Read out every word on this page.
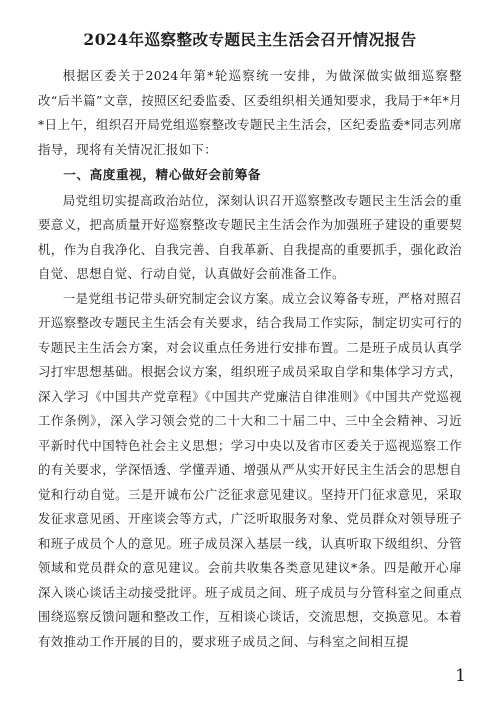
2024年巡察整改专题民主生活会召开情况报告

根据区委关于2024年第*轮巡察统一安排，为做深做实做细巡察整改“后半篇”文章，按照区纪委监委、区委组织相关通知要求，我局于*年*月*日上午，组织召开局党组巡察整改专题民主生活会，区纪委监委*同志列席指导，现将有关情况汇报如下：

一、高度重视，精心做好会前筹备

局党组切实提高政治站位，深刻认识召开巡察整改专题民主生活会的重要意义，把高质量开好巡察整改专题民主生活会作为加强班子建设的重要契机，作为自我净化、自我完善、自我革新、自我提高的重要抓手，强化政治自觉、思想自觉、行动自觉，认真做好会前准备工作。

一是党组书记带头研究制定会议方案。成立会议筹备专班，严格对照召开巡察整改专题民主生活会有关要求，结合我局工作实际，制定切实可行的专题民主生活会方案，对会议重点任务进行安排布置。二是班子成员认真学习打牢思想基础。根据会议方案，组织班子成员采取自学和集体学习方式，深入学习《中国共产党章程》《中国共产党廉洁自律准则》《中国共产党巡视工作条例》，深入学习领会党的二十大和二十届二中、三中全会精神、习近平新时代中国特色社会主义思想；学习中央以及省市区委关于巡视巡察工作的有关要求，学深悟透、学懂弄通、增强从严从实开好民主生活会的思想自觉和行动自觉。三是开诚布公广泛征求意见建议。坚持开门征求意见，采取发征求意见函、开座谈会等方式，广泛听取服务对象、党员群众对领导班子和班子成员个人的意见。班子成员深入基层一线，认真听取下级组织、分管领域和党员群众的意见建议。会前共收集各类意见建议*条。四是敞开心扉深入谈心谈话主动接受批评。班子成员之间、班子成员与分管科室之间重点围绕巡察反馈问题和整改工作，互相谈心谈话，交流思想，交换意见。本着有效推动工作开展的目的，要求班子成员之间、与科室之间相互提

1
